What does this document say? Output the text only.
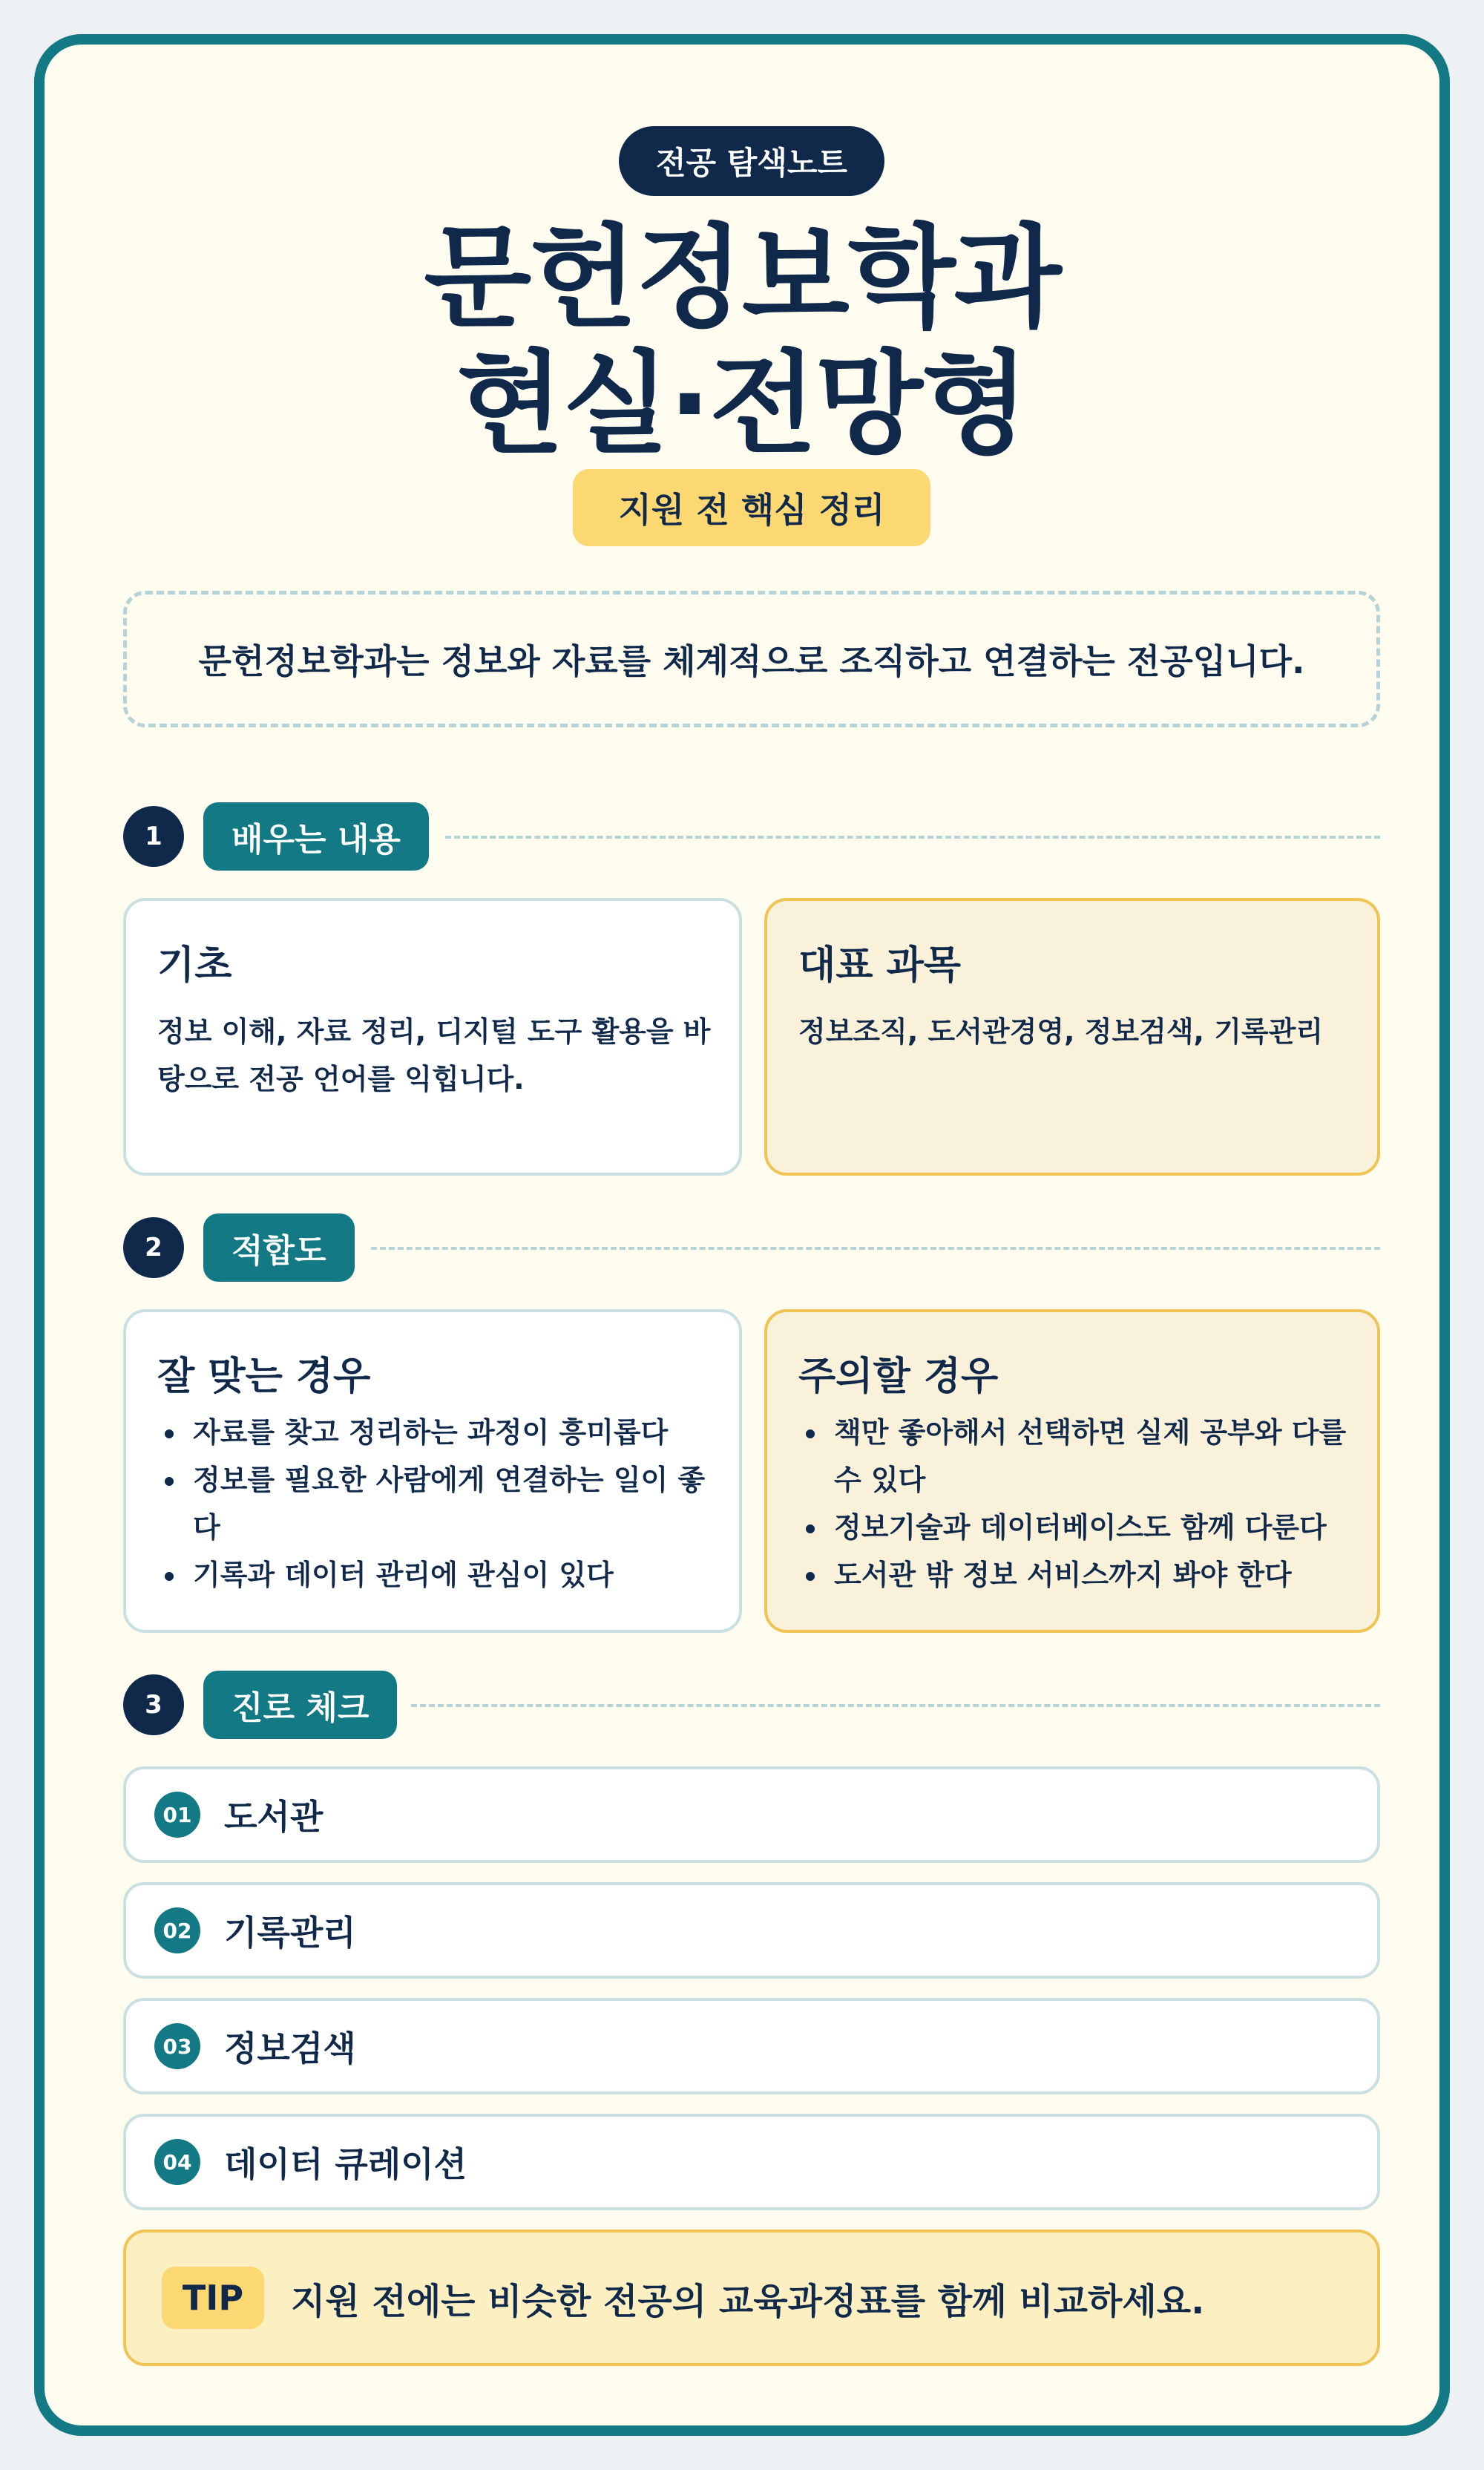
전공 탐색노트
문헌정보학과
현실·전망형
지원 전 핵심 정리
문헌정보학과는 정보와 자료를 체계적으로 조직하고 연결하는 전공입니다.
1	배우는 내용
기초
정보 이해, 자료 정리, 디지털 도구 활용을 바탕으로 전공 언어를 익힙니다.
대표 과목
정보조직, 도서관경영, 정보검색, 기록관리
2	적합도
잘 맞는 경우
자료를 찾고 정리하는 과정이 흥미롭다
정보를 필요한 사람에게 연결하는 일이 좋다
기록과 데이터 관리에 관심이 있다
주의할 경우
책만 좋아해서 선택하면 실제 공부와 다를 수 있다
정보기술과 데이터베이스도 함께 다룬다
도서관 밖 정보 서비스까지 봐야 한다
3	진로 체크
01 도서관
02 기록관리
03 정보검색
04 데이터 큐레이션
TIP	지원 전에는 비슷한 전공의 교육과정표를 함께 비교하세요.
